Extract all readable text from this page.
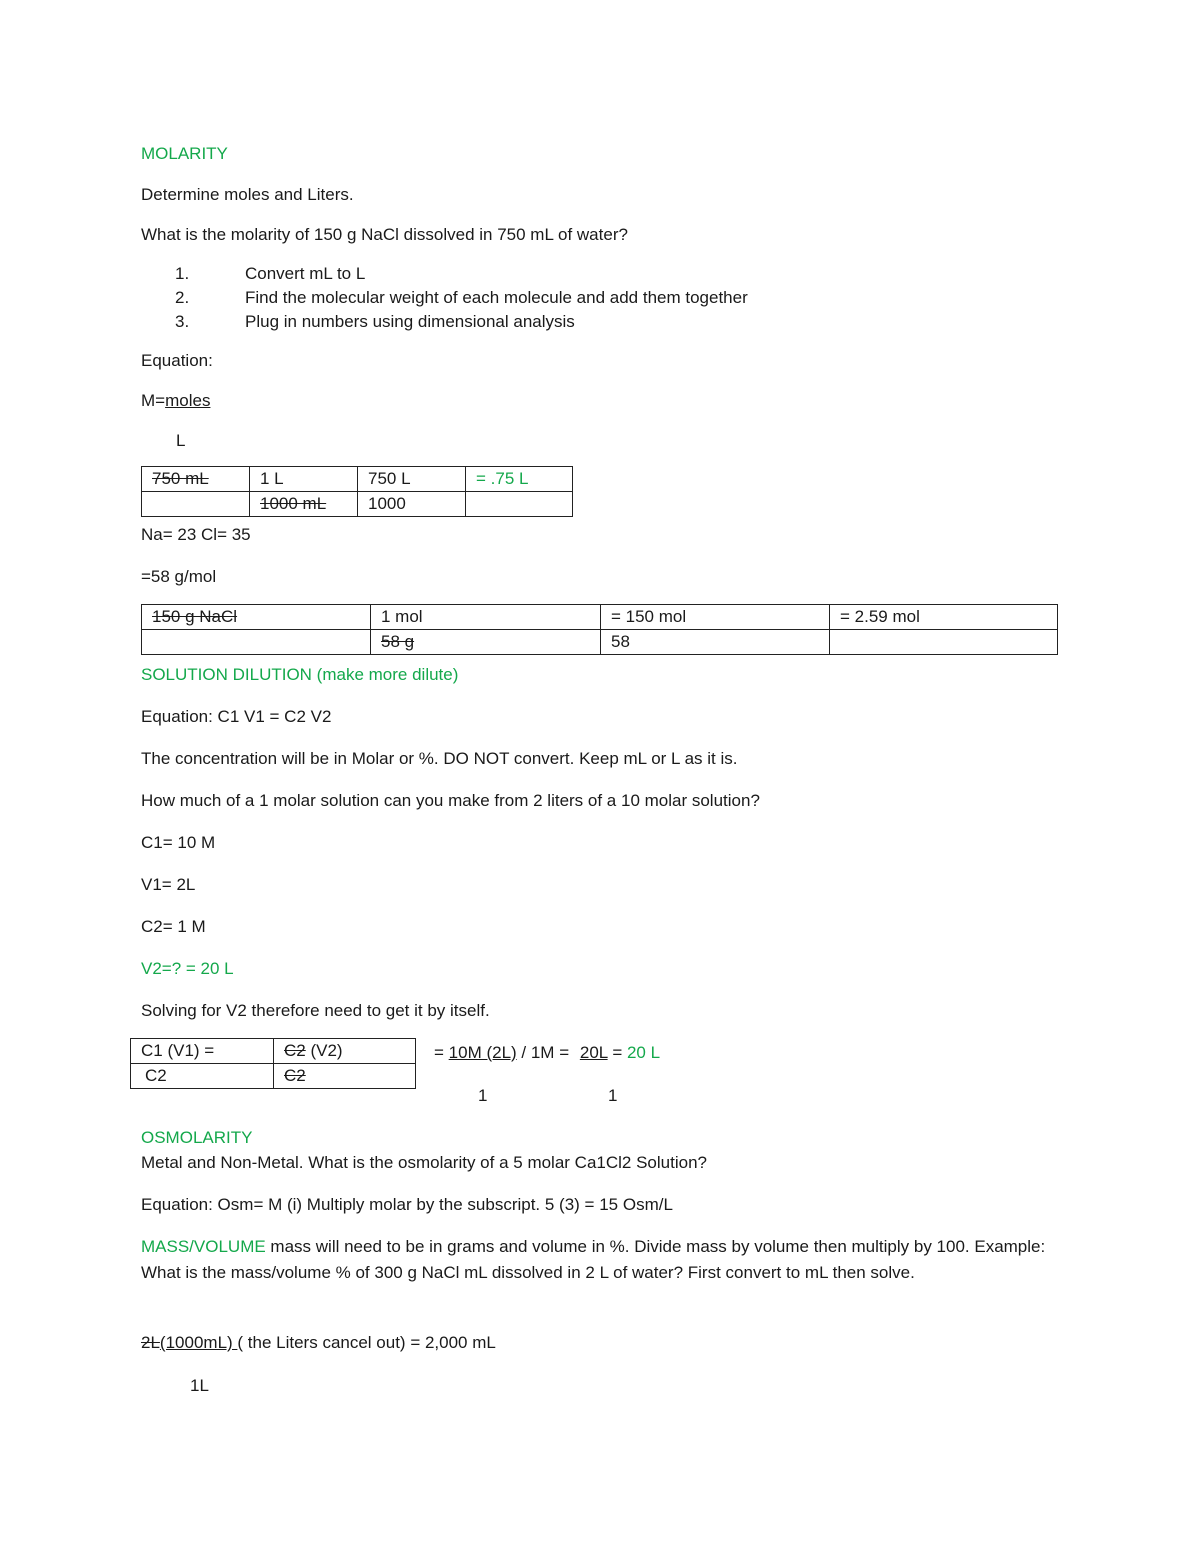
MOLARITY
Determine moles and Liters.
What is the molarity of 150 g NaCl dissolved in 750 mL of water?
1.	Convert mL to L
2.	Find the molecular weight of each molecule and add them together
3.	Plug in numbers using dimensional analysis
Equation:
M=moles
L
750 mL	1 L	750 L	= .75 L
	1000 mL	1000	
Na= 23 Cl= 35
=58 g/mol
150 g NaCl	1 mol	= 150 mol	= 2.59 mol
	58 g	58	
SOLUTION DILUTION (make more dilute)
Equation: C1 V1 = C2 V2
The concentration will be in Molar or %. DO NOT convert. Keep mL or L as it is.
How much of a 1 molar solution can you make from 2 liters of a 10 molar solution?
C1= 10 M
V1= 2L
C2= 1 M
V2=? = 20 L
Solving for V2 therefore need to get it by itself.
C1 (V1) =	C2 (V2)
C2	C2
= 10M (2L) / 1M = 20L = 20 L
1	1
OSMOLARITY
Metal and Non-Metal. What is the osmolarity of a 5 molar Ca1Cl2 Solution?
Equation: Osm= M (i) Multiply molar by the subscript. 5 (3) = 15 Osm/L
MASS/VOLUME mass will need to be in grams and volume in %. Divide mass by volume then multiply by 100. Example: What is the mass/volume % of 300 g NaCl mL dissolved in 2 L of water? First convert to mL then solve.
2L(1000mL) ( the Liters cancel out) = 2,000 mL
1L
